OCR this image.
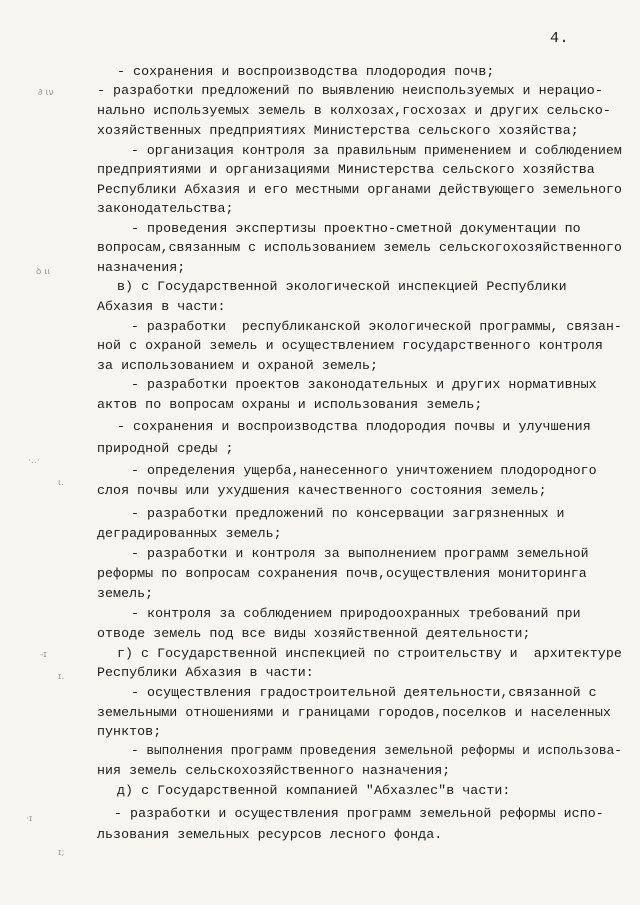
4.
∂ ιν
ꝺ ιι
·‥·
ι.
-ɪ
ɪ.
·ɪ
ɪ;
- сохранения и воспроизводства плодородия почв;
- разработки предложений по выявлению неиспользуемых и нерацио-
нально используемых земель в колхозах,госхозах и других сельско-
хозяйственных предприятиях Министерства сельского хозяйства;
- организация контроля за правильным применением и соблюдением
предприятиями и организациями Министерства сельского хозяйства
Республики Абхазия и его местными органами действующего земельного
законодательства;
- проведения экспертизы проектно-сметной документации по
вопросам,связанным с использованием земель сельскогохозяйственного
назначения;
в) с Государственной экологической инспекцией Республики
Абхазия в части:
- разработки  республиканской экологической программы, связан-
ной с охраной земель и осуществлением государственного контроля
за использованием и охраной земель;
- разработки проектов законодательных и других нормативных
актов по вопросам охраны и использования земель;
- сохранения и воспроизводства плодородия почвы и улучшения
природной среды ;
- определения ущерба,нанесенного уничтожением плодородного
слоя почвы или ухудшения качественного состояния земель;
- разработки предложений по консервации загрязненных и
деградированных земель;
- разработки и контроля за выполнением программ земельной
реформы по вопросам сохранения почв,осуществления мониторинга
земель;
- контроля за соблюдением природоохранных требований при
отводе земель под все виды хозяйственной деятельности;
г) с Государственной инспекцией по строительству и  архитектуре
Республики Абхазия в части:
- осуществления градостроительной деятельности,связанной с
земельными отношениями и границами городов,поселков и населенных
пунктов;
- выполнения программ проведения земельной реформы и использова-
ния земель сельскохозяйственного назначения;
д) с Государственной компанией "Абхазлес"в части:
- разработки и осуществления программ земельной реформы испо-
льзования земельных ресурсов лесного фонда.
